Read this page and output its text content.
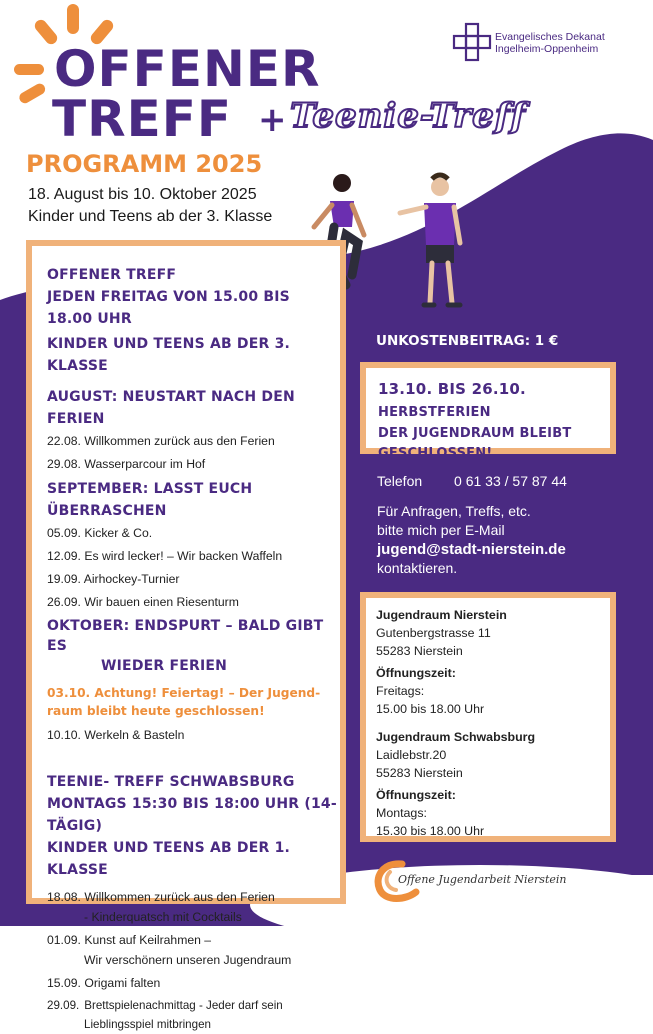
OFFENER
TREFF + Teenie-Treff
Evangelisches Dekanat
Ingelheim-Oppenheim
PROGRAMM 2025
18. August bis 10. Oktober 2025
Kinder und Teens ab der 3. Klasse
OFFENER TREFF
JEDEN FREITAG VON 15.00 BIS 18.00 UHR
KINDER UND TEENS AB DER 3. KLASSE
AUGUST: NEUSTART NACH DEN FERIEN
22.08. Willkommen zurück aus den Ferien
29.08. Wasserparcour im Hof
SEPTEMBER: LASST EUCH ÜBERRASCHEN
05.09. Kicker & Co.
12.09. Es wird lecker! – Wir backen Waffeln
19.09. Airhockey-Turnier
26.09. Wir bauen einen Riesenturm
OKTOBER: ENDSPURT – BALD GIBT ES
WIEDER FERIEN
03.10. Achtung! Feiertag! – Der Jugend-
raum bleibt heute geschlossen!
10.10. Werkeln & Basteln
TEENIE- TREFF SCHWABSBURG
MONTAGS 15:30 BIS 18:00 UHR (14-TÄGIG)
KINDER UND TEENS AB DER 1. KLASSE
18.08. Willkommen zurück aus den Ferien
- Kinderquatsch mit Cocktails
01.09. Kunst auf Keilrahmen –
Wir verschönern unseren Jugendraum
15.09. Origami falten
29.09. Brettspielenachmittag - Jeder darf sein
Lieblingsspiel mitbringen
UNKOSTENBEITRAG: 1 €
13.10. BIS 26.10. HERBSTFERIEN
DER JUGENDRAUM BLEIBT
GESCHLOSSEN!
Telefon 0 61 33 / 57 87 44
Für Anfragen, Treffs, etc.
bitte mich per E-Mail
jugend@stadt-nierstein.de
kontaktieren.
Jugendraum Nierstein
Gutenbergstrasse 11
55283 Nierstein
Öffnungszeit:
Freitags:
15.00 bis 18.00 Uhr
Jugendraum Schwabsburg
Laidlebstr.20
55283 Nierstein
Öffnungszeit:
Montags:
15.30 bis 18.00 Uhr
Offene Jugendarbeit Nierstein
